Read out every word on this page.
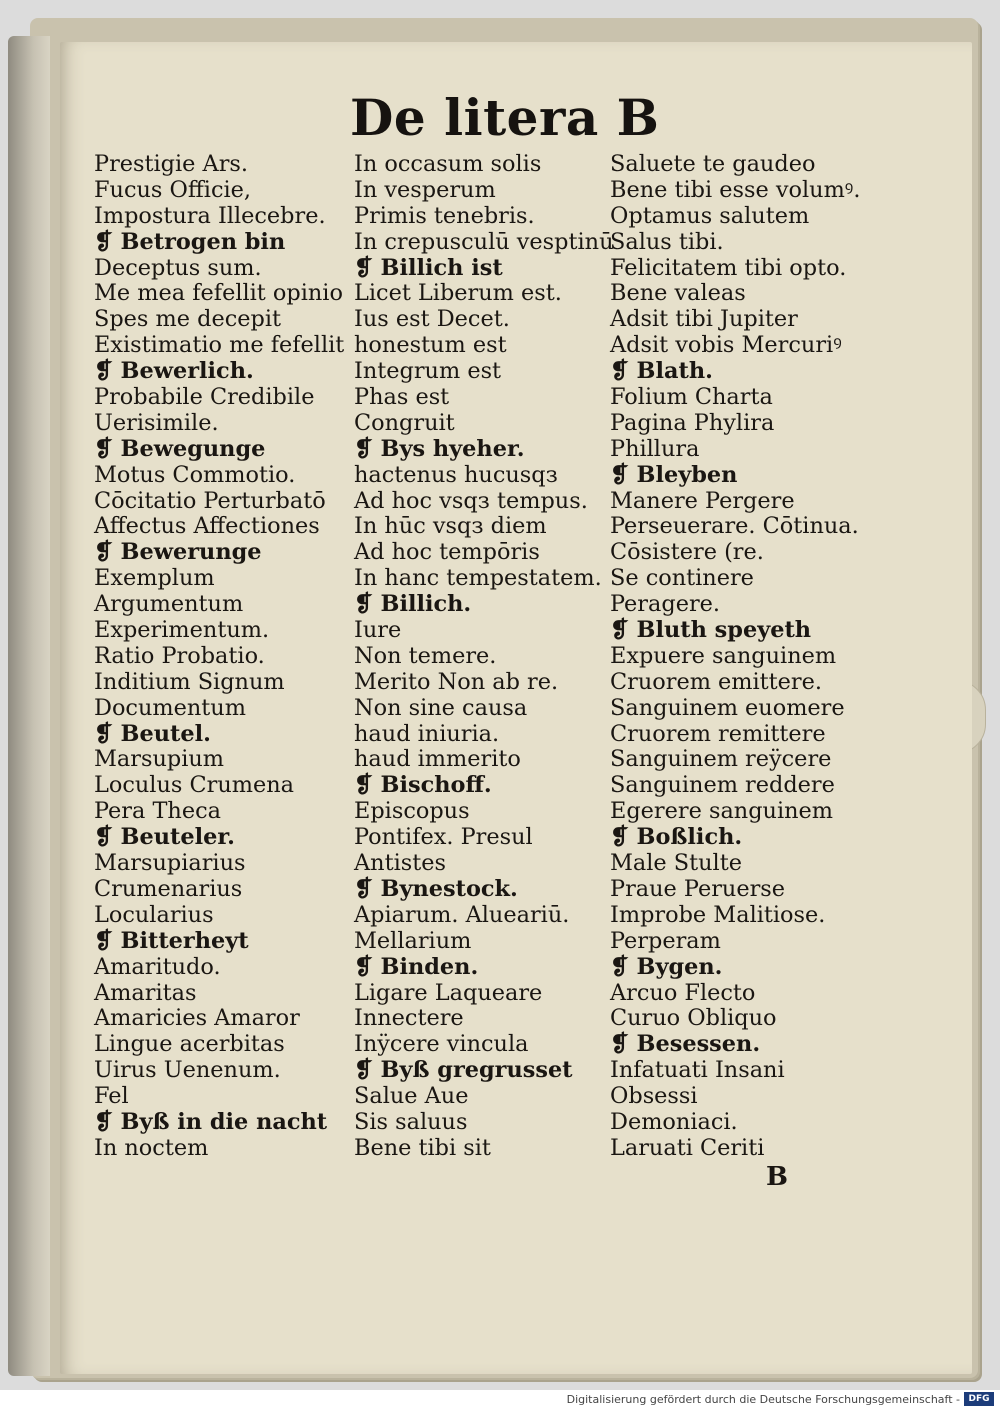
De litera B
Prestigie Ars.
Fucus Officie,
Impostura Illecebre.
❡ Betrogen bin
Deceptus sum.
Me mea fefellit opinio
Spes me decepit
Existimatio me fefellit
❡ Bewerlich.
Probabile Credibile
Uerisimile.
❡ Bewegunge
Motus Commotio.
Cōcitatio Perturbatō
Affectus Affectiones
❡ Bewerunge
Exemplum
Argumentum
Experimentum.
Ratio Probatio.
Inditium Signum
Documentum
❡ Beutel.
Marsupium
Loculus Crumena
Pera Theca
❡ Beuteler.
Marsupiarius
Crumenarius
Locularius
❡ Bitterheyt
Amaritudo.
Amaritas
Amaricies Amaror
Lingue acerbitas
Uirus Uenenum.
Fel
❡ Byß in die nacht
In noctem
In occasum solis
In vesperum
Primis tenebris.
In crepusculū vesptinū
❡ Billich ist
Licet Liberum est.
Ius est Decet.
honestum est
Integrum est
Phas est
Congruit
❡ Bys hyeher.
hactenus hucusqз
Ad hoc vsqз tempus.
In hūc vsqз diem
Ad hoc tempōris
In hanc tempestatem.
❡ Billich.
Iure
Non temere.
Merito Non ab re.
Non sine causa
haud iniuria.
haud immerito
❡ Bischoff.
Episcopus
Pontifex. Presul
Antistes
❡ Bynestock.
Apiarum. Alueariū.
Mellarium
❡ Binden.
Ligare Laqueare
Innectere
Inÿcere vincula
❡ Byß gregrusset
Salue Aue
Sis saluus
Bene tibi sit
Saluete te gaudeo
Bene tibi esse volumꝰ.
Optamus salutem
Salus tibi.
Felicitatem tibi opto.
Bene valeas
Adsit tibi Jupiter
Adsit vobis Mercuriꝰ
❡ Blath.
Folium Charta
Pagina Phylira
Phillura
❡ Bleyben
Manere Pergere
Perseuerare. Cōtinua.
Cōsistere (re.
Se continere
Peragere.
❡ Bluth speyeth
Expuere sanguinem
Cruorem emittere.
Sanguinem euomere
Cruorem remittere
Sanguinem reÿcere
Sanguinem reddere
Egerere sanguinem
❡ Boßlich.
Male Stulte
Praue Peruerse
Improbe Malitiose.
Perperam
❡ Bygen.
Arcuo Flecto
Curuo Obliquo
❡ Besessen.
Infatuati Insani
Obsessi
Demoniaci.
Laruati Ceriti
B
Digitalisierung gefördert durch die Deutsche Forschungsgemeinschaft - DFG
